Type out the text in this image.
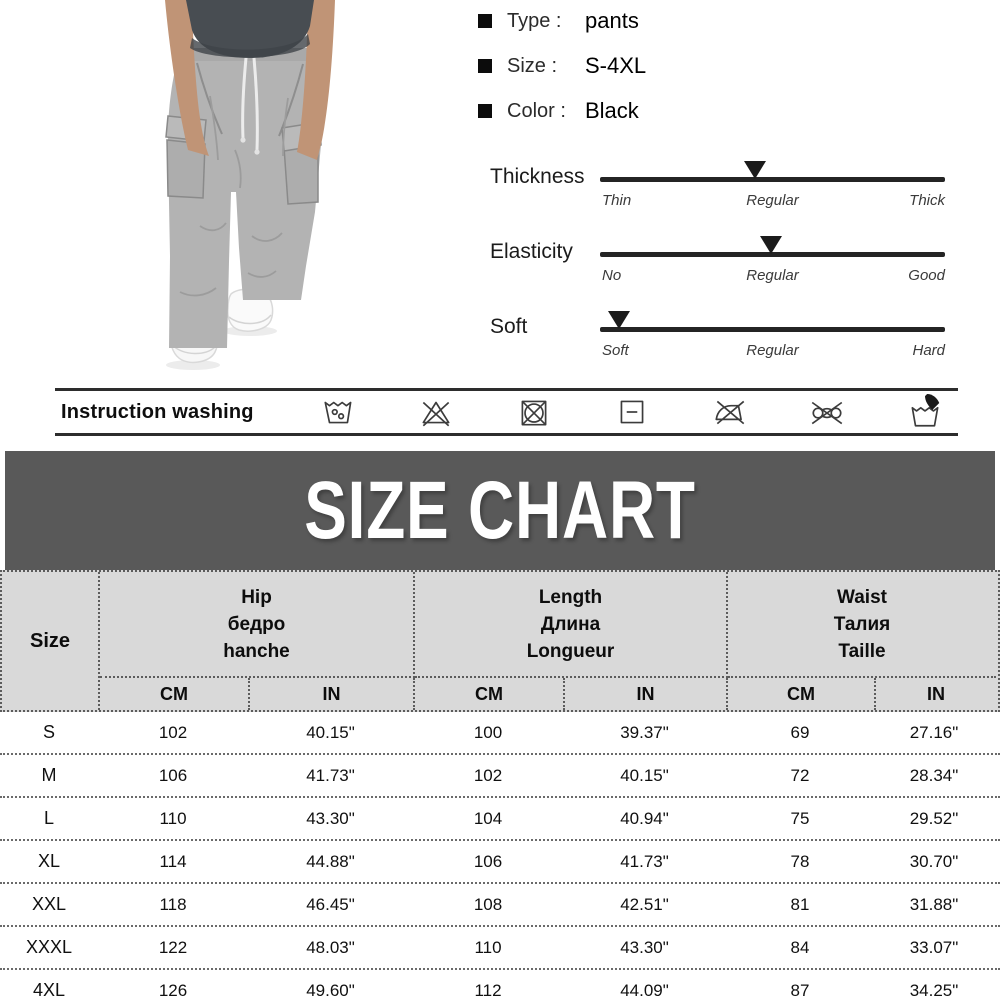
Type :	pants
Size :	S-4XL
Color : Black
Thickness
Thin	Regular	Thick
Elasticity
No	Regular	Good
Soft
Soft	Regular	Hard
Instruction washing
SIZE CHART
Size
Hip
бедро
hanche
Length
Длина
Longueur
Waist
Талия
Taille
CM	IN	CM	IN	CM	IN
S	102	40.15"	100	39.37"	69	27.16"
M	106	41.73"	102	40.15"	72	28.34"
L	110	43.30"	104	40.94"	75	29.52"
XL	114	44.88"	106	41.73"	78	30.70"
XXL	118	46.45"	108	42.51"	81	31.88"
XXXL	122	48.03"	110	43.30"	84	33.07"
4XL	126	49.60"	112	44.09"	87	34.25"
